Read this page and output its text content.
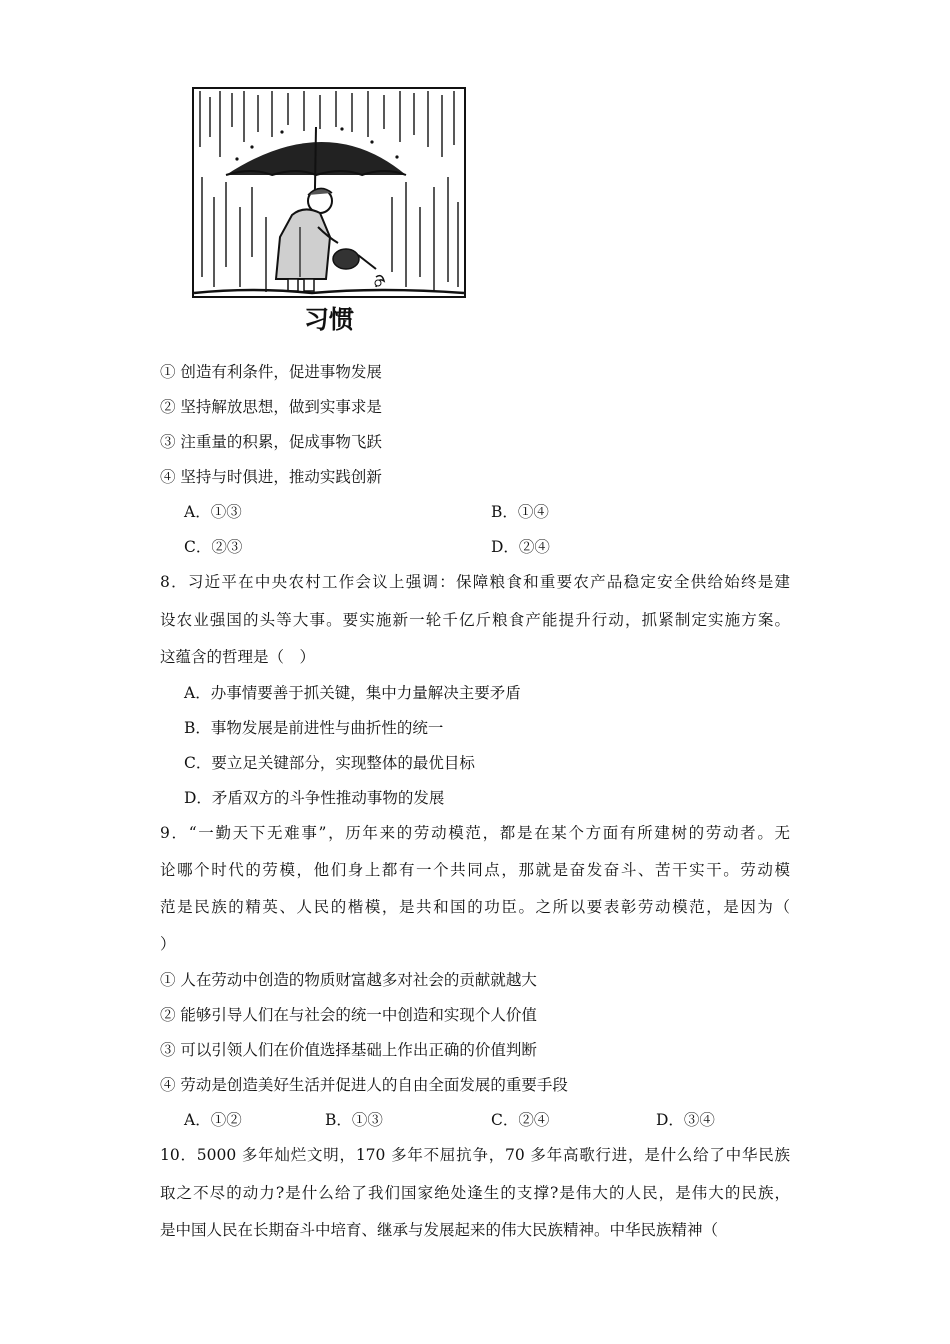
习惯
① 创造有利条件，促进事物发展
② 坚持解放思想，做到实事求是
③ 注重量的积累，促成事物飞跃
④ 坚持与时俱进，推动实践创新
A．①③	B．①④
C．②③	D．②④
8．习近平在中央农村工作会议上强调：保障粮食和重要农产品稳定安全供给始终是建
设农业强国的头等大事。要实施新一轮千亿斤粮食产能提升行动，抓紧制定实施方案。
这蕴含的哲理是（　）
A．办事情要善于抓关键，集中力量解决主要矛盾
B．事物发展是前进性与曲折性的统一
C．要立足关键部分，实现整体的最优目标
D．矛盾双方的斗争性推动事物的发展
9．“一勤天下无难事”，历年来的劳动模范，都是在某个方面有所建树的劳动者。无
论哪个时代的劳模，他们身上都有一个共同点，那就是奋发奋斗、苦干实干。劳动模
范是民族的精英、人民的楷模，是共和国的功臣。之所以要表彰劳动模范，是因为（
）
① 人在劳动中创造的物质财富越多对社会的贡献就越大
② 能够引导人们在与社会的统一中创造和实现个人价值
③ 可以引领人们在价值选择基础上作出正确的价值判断
④ 劳动是创造美好生活并促进人的自由全面发展的重要手段
A．①②	B．①③	C．②④	D．③④
10．5000 多年灿烂文明，170 多年不屈抗争，70 多年高歌行进，是什么给了中华民族
取之不尽的动力?是什么给了我们国家绝处逢生的支撑?是伟大的人民，是伟大的民族，
是中国人民在长期奋斗中培育、继承与发展起来的伟大民族精神。中华民族精神（
